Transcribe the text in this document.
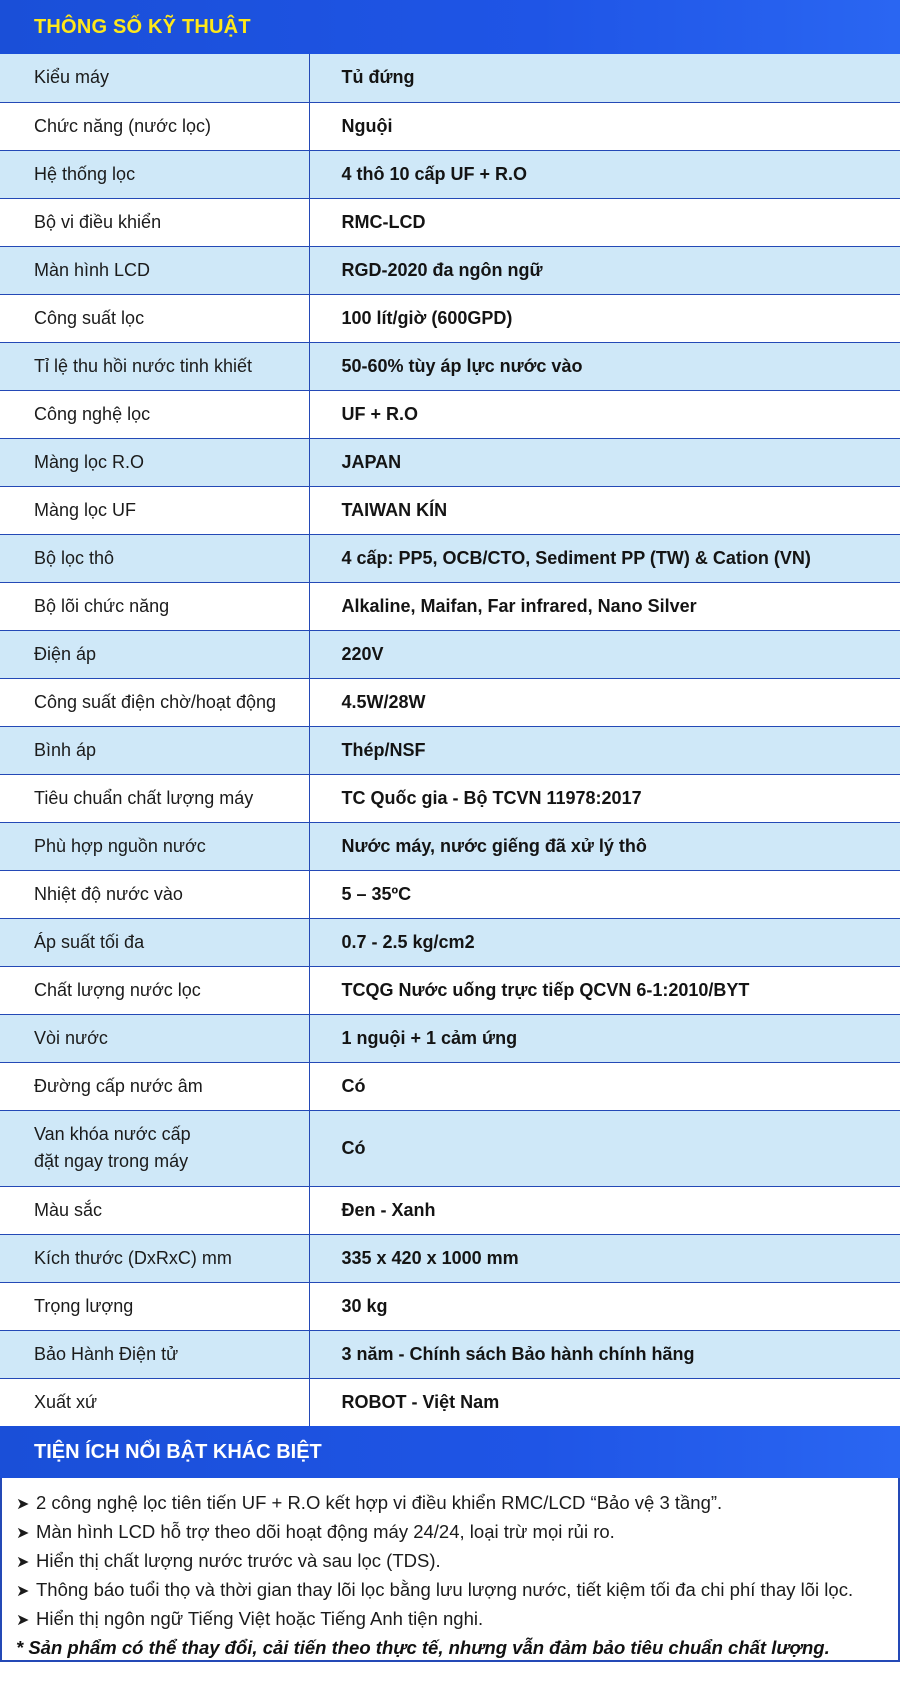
THÔNG SỐ KỸ THUẬT
Kiểu máy	Tủ đứng
Chức năng (nước lọc)	Nguội
Hệ thống lọc	4 thô 10 cấp UF + R.O
Bộ vi điều khiển	RMC-LCD
Màn hình LCD	RGD-2020 đa ngôn ngữ
Công suất lọc	100 lít/giờ (600GPD)
Tỉ lệ thu hồi nước tinh khiết	50-60% tùy áp lực nước vào
Công nghệ lọc	UF + R.O
Màng lọc R.O	JAPAN
Màng lọc UF	TAIWAN KÍN
Bộ lọc thô	4 cấp: PP5, OCB/CTO, Sediment PP (TW) & Cation (VN)
Bộ lõi chức năng	Alkaline, Maifan, Far infrared, Nano Silver
Điện áp	220V
Công suất điện chờ/hoạt động	4.5W/28W
Bình áp	Thép/NSF
Tiêu chuẩn chất lượng máy	TC Quốc gia - Bộ TCVN 11978:2017
Phù hợp nguồn nước	Nước máy, nước giếng đã xử lý thô
Nhiệt độ nước vào	5 – 35ºC
Áp suất tối đa	0.7 - 2.5 kg/cm2
Chất lượng nước lọc	TCQG Nước uống trực tiếp QCVN 6-1:2010/BYT
Vòi nước	1 nguội + 1 cảm ứng
Đường cấp nước âm	Có
Van khóa nước cấp
đặt ngay trong máy	Có
Màu sắc	Đen - Xanh
Kích thước (DxRxC) mm	335 x 420 x 1000 mm
Trọng lượng	30 kg
Bảo Hành Điện tử	3 năm - Chính sách Bảo hành chính hãng
Xuất xứ	ROBOT - Việt Nam
TIỆN ÍCH NỔI BẬT KHÁC BIỆT
➤ 2 công nghệ lọc tiên tiến UF + R.O kết hợp vi điều khiển RMC/LCD “Bảo vệ 3 tầng”.
➤ Màn hình LCD hỗ trợ theo dõi hoạt động máy 24/24, loại trừ mọi rủi ro.
➤ Hiển thị chất lượng nước trước và sau lọc (TDS).
➤ Thông báo tuổi thọ và thời gian thay lõi lọc bằng lưu lượng nước, tiết kiệm tối đa chi phí thay lõi lọc.
➤ Hiển thị ngôn ngữ Tiếng Việt hoặc Tiếng Anh tiện nghi.
* Sản phẩm có thể thay đổi, cải tiến theo thực tế, nhưng vẫn đảm bảo tiêu chuẩn chất lượng.
